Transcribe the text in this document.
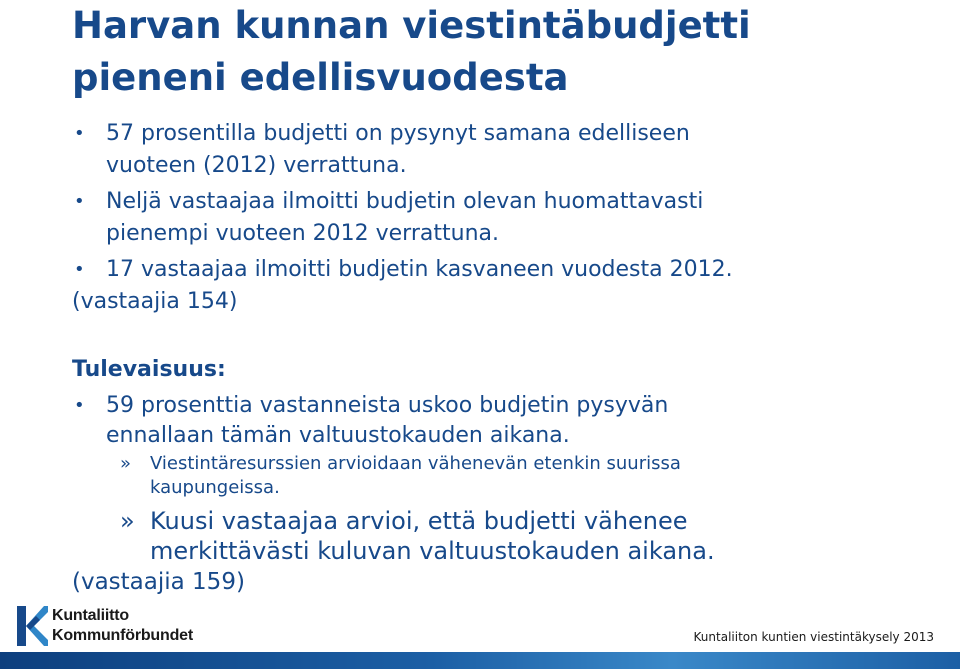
Harvan kunnan viestintäbudjetti
pieneni edellisvuodesta
• 57 prosentilla budjetti on pysynyt samana edelliseen
vuoteen (2012) verrattuna.
• Neljä vastaajaa ilmoitti budjetin olevan huomattavasti
pienempi vuoteen 2012 verrattuna.
• 17 vastaajaa ilmoitti budjetin kasvaneen vuodesta 2012.
(vastaajia 154)
Tulevaisuus:
• 59 prosenttia vastanneista uskoo budjetin pysyvän
ennallaan tämän valtuustokauden aikana.
» Viestintäresurssien arvioidaan vähenevän etenkin suurissa
kaupungeissa.
» Kuusi vastaajaa arvioi, että budjetti vähenee
merkittävästi kuluvan valtuustokauden aikana.
(vastaajia 159)
Kuntaliitto
Kommunförbundet	Kuntaliiton kuntien viestintäkysely 2013
